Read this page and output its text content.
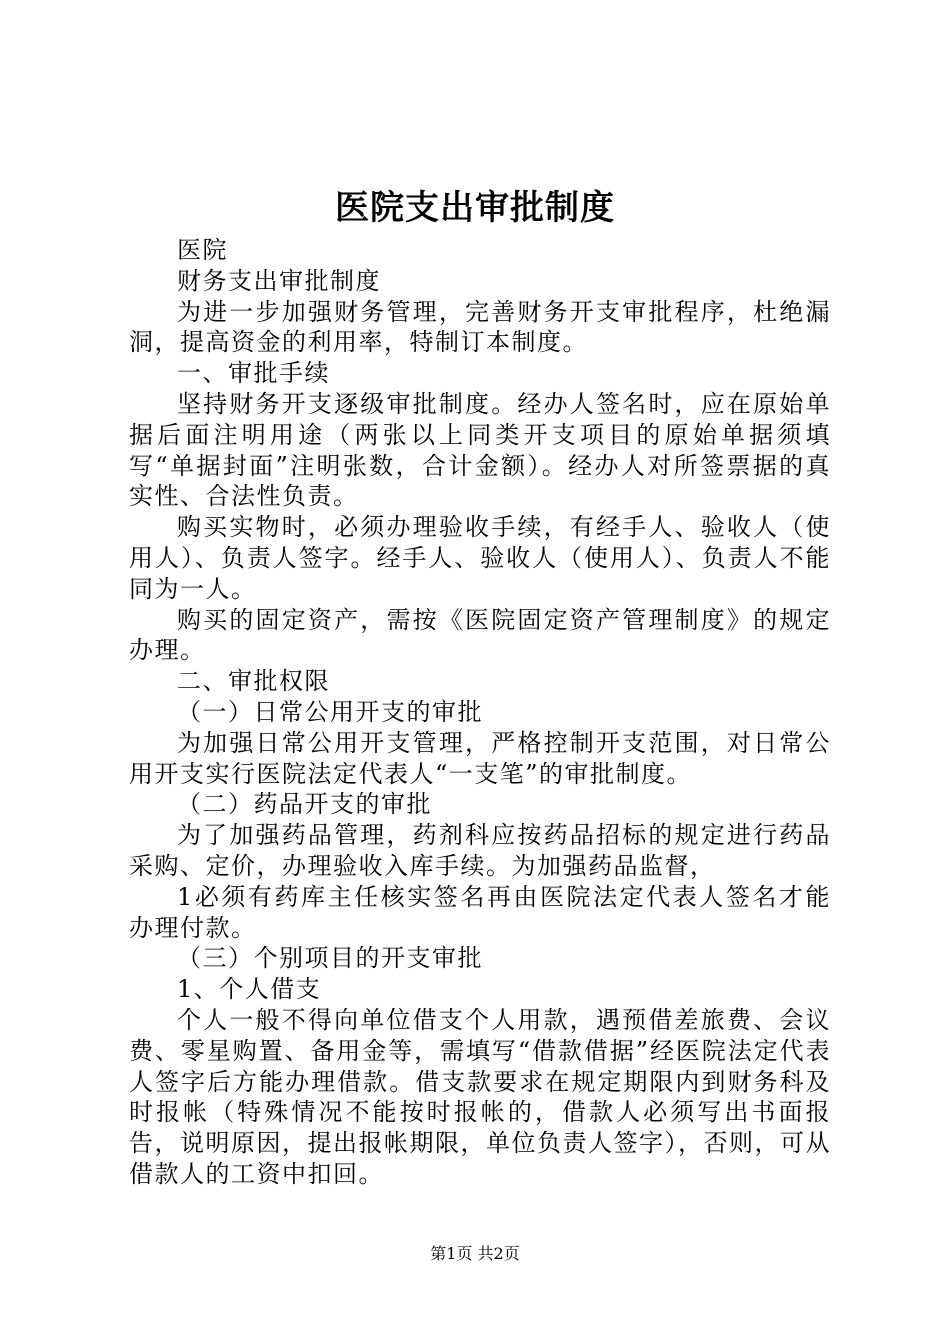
医院支出审批制度

医院

财务支出审批制度

为进一步加强财务管理，完善财务开支审批程序，杜绝漏洞，提高资金的利用率，特制订本制度。

一、审批手续

坚持财务开支逐级审批制度。经办人签名时，应在原始单据后面注明用途（两张以上同类开支项目的原始单据须填写“单据封面”注明张数，合计金额）。经办人对所签票据的真实性、合法性负责。

购买实物时，必须办理验收手续，有经手人、验收人（使用人）、负责人签字。经手人、验收人（使用人）、负责人不能同为一人。

购买的固定资产，需按《医院固定资产管理制度》的规定办理。

二、审批权限

（一）日常公用开支的审批

为加强日常公用开支管理，严格控制开支范围，对日常公用开支实行医院法定代表人“一支笔”的审批制度。

（二）药品开支的审批

为了加强药品管理，药剂科应按药品招标的规定进行药品采购、定价，办理验收入库手续。为加强药品监督，

1必须有药库主任核实签名再由医院法定代表人签名才能办理付款。

（三）个别项目的开支审批

1、个人借支

个人一般不得向单位借支个人用款，遇预借差旅费、会议费、零星购置、备用金等，需填写“借款借据”经医院法定代表人签字后方能办理借款。借支款要求在规定期限内到财务科及时报帐（特殊情况不能按时报帐的，借款人必须写出书面报告，说明原因，提出报帐期限，单位负责人签字），否则，可从借款人的工资中扣回。

第1页 共2页
